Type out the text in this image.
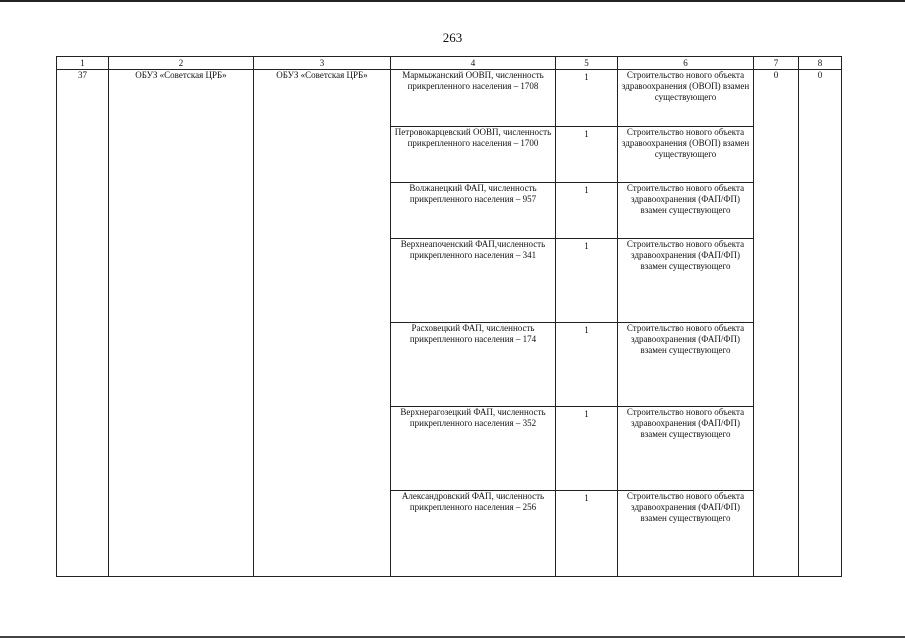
263
1	2	3	4	5	6	7	8
37	ОБУЗ «Советская ЦРБ»	ОБУЗ «Советская ЦРБ»	Мармыжанский ООВП, численность прикрепленного населения – 1708	1	Строительство нового объекта здравоохранения (ОВОП) взамен существующего	0	0
			Петровокарцевский ООВП, численность прикрепленного населения – 1700	1	Строительство нового объекта здравоохранения (ОВОП) взамен существующего		
			Волжанецкий ФАП, численность прикрепленного населения – 957	1	Строительство нового объекта здравоохранения (ФАП/ФП) взамен существующего		
			Верхнеапоченский ФАП,численность прикрепленного населения – 341	1	Строительство нового объекта здравоохранения (ФАП/ФП) взамен существующего		
			Расховецкий ФАП, численность прикрепленного населения – 174	1	Строительство нового объекта здравоохранения (ФАП/ФП) взамен существующего		
			Верхнерагозецкий ФАП, численность прикрепленного населения – 352	1	Строительство нового объекта здравоохранения (ФАП/ФП) взамен существующего		
			Александровский ФАП, численность прикрепленного населения – 256	1	Строительство нового объекта здравоохранения (ФАП/ФП) взамен существующего		
